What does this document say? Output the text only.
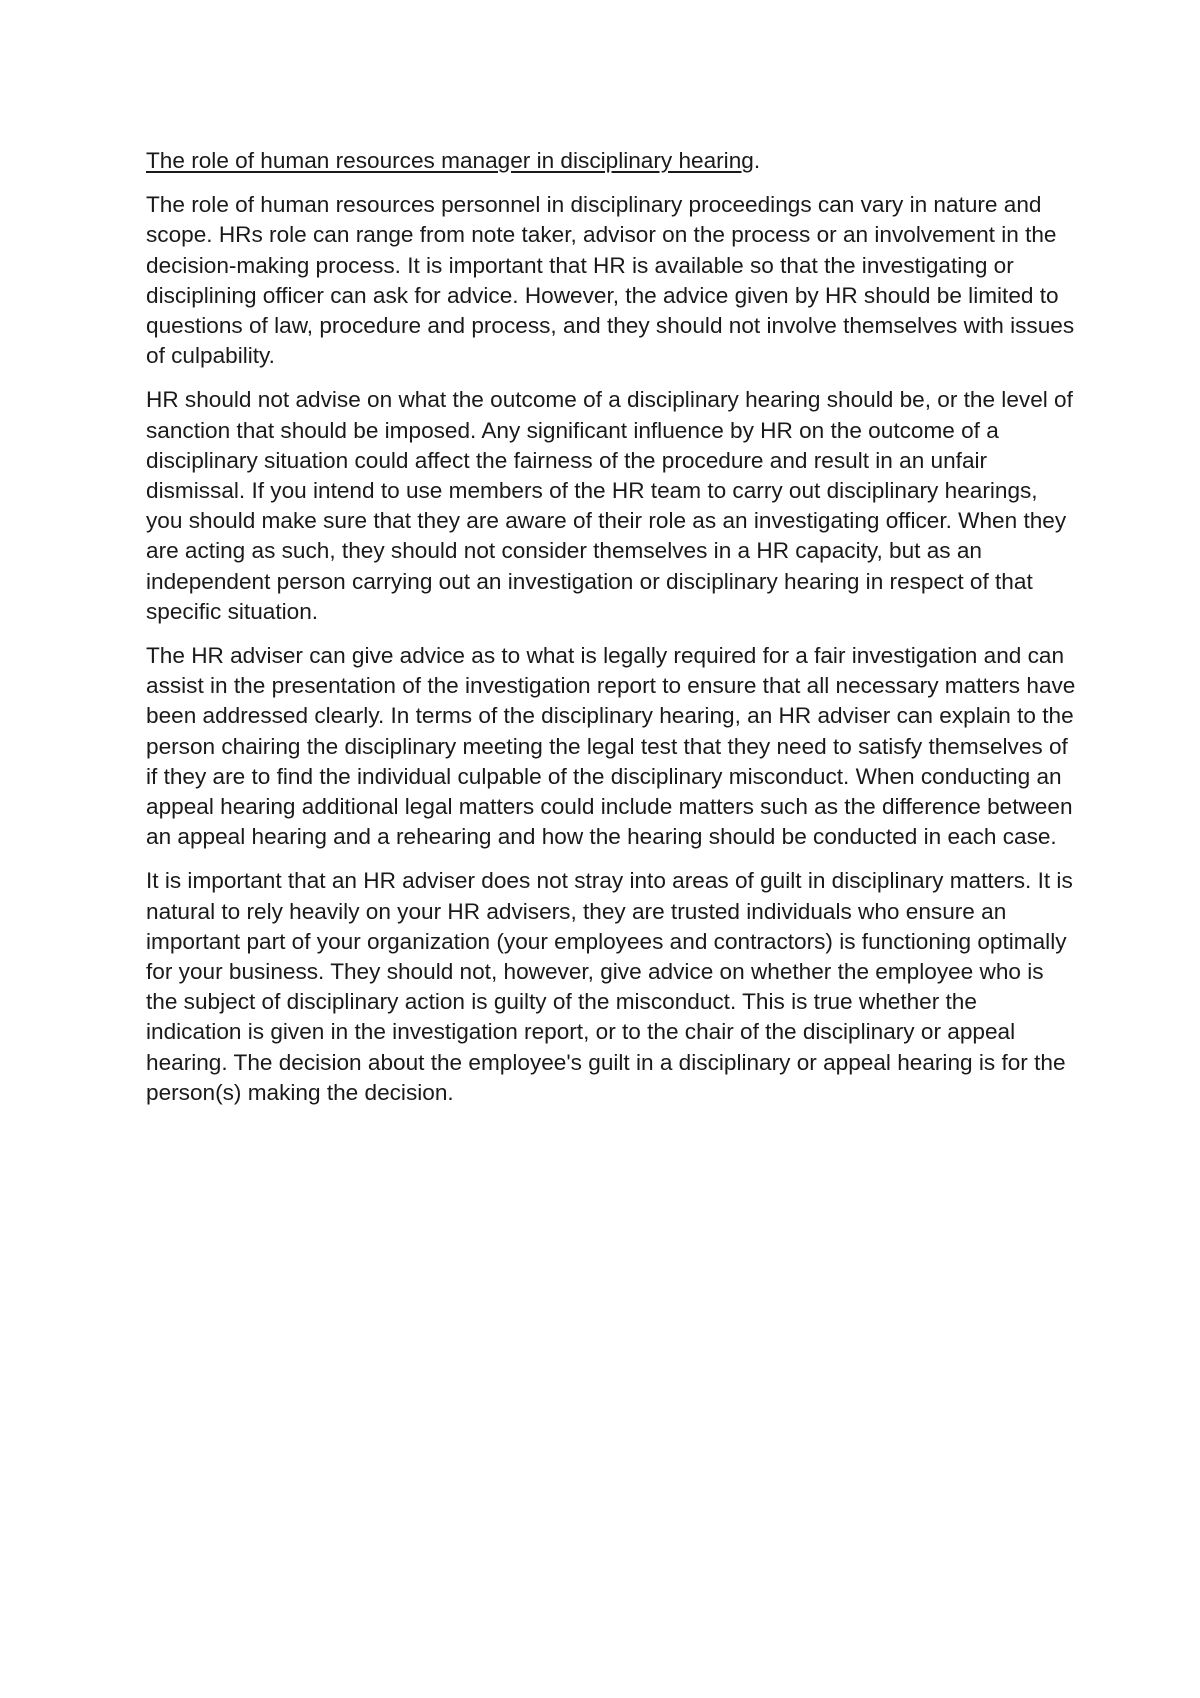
The role of human resources manager in disciplinary hearing.

The role of human resources personnel in disciplinary proceedings can vary in nature and scope. HRs role can range from note taker, advisor on the process or an involvement in the decision-making process. It is important that HR is available so that the investigating or disciplining officer can ask for advice. However, the advice given by HR should be limited to questions of law, procedure and process, and they should not involve themselves with issues of culpability.

HR should not advise on what the outcome of a disciplinary hearing should be, or the level of sanction that should be imposed. Any significant influence by HR on the outcome of a disciplinary situation could affect the fairness of the procedure and result in an unfair dismissal. If you intend to use members of the HR team to carry out disciplinary hearings, you should make sure that they are aware of their role as an investigating officer. When they are acting as such, they should not consider themselves in a HR capacity, but as an independent person carrying out an investigation or disciplinary hearing in respect of that specific situation.

The HR adviser can give advice as to what is legally required for a fair investigation and can assist in the presentation of the investigation report to ensure that all necessary matters have been addressed clearly. In terms of the disciplinary hearing, an HR adviser can explain to the person chairing the disciplinary meeting the legal test that they need to satisfy themselves of if they are to find the individual culpable of the disciplinary misconduct. When conducting an appeal hearing additional legal matters could include matters such as the difference between an appeal hearing and a rehearing and how the hearing should be conducted in each case.

It is important that an HR adviser does not stray into areas of guilt in disciplinary matters. It is natural to rely heavily on your HR advisers, they are trusted individuals who ensure an important part of your organization (your employees and contractors) is functioning optimally for your business. They should not, however, give advice on whether the employee who is the subject of disciplinary action is guilty of the misconduct. This is true whether the indication is given in the investigation report, or to the chair of the disciplinary or appeal hearing. The decision about the employee's guilt in a disciplinary or appeal hearing is for the person(s) making the decision.
